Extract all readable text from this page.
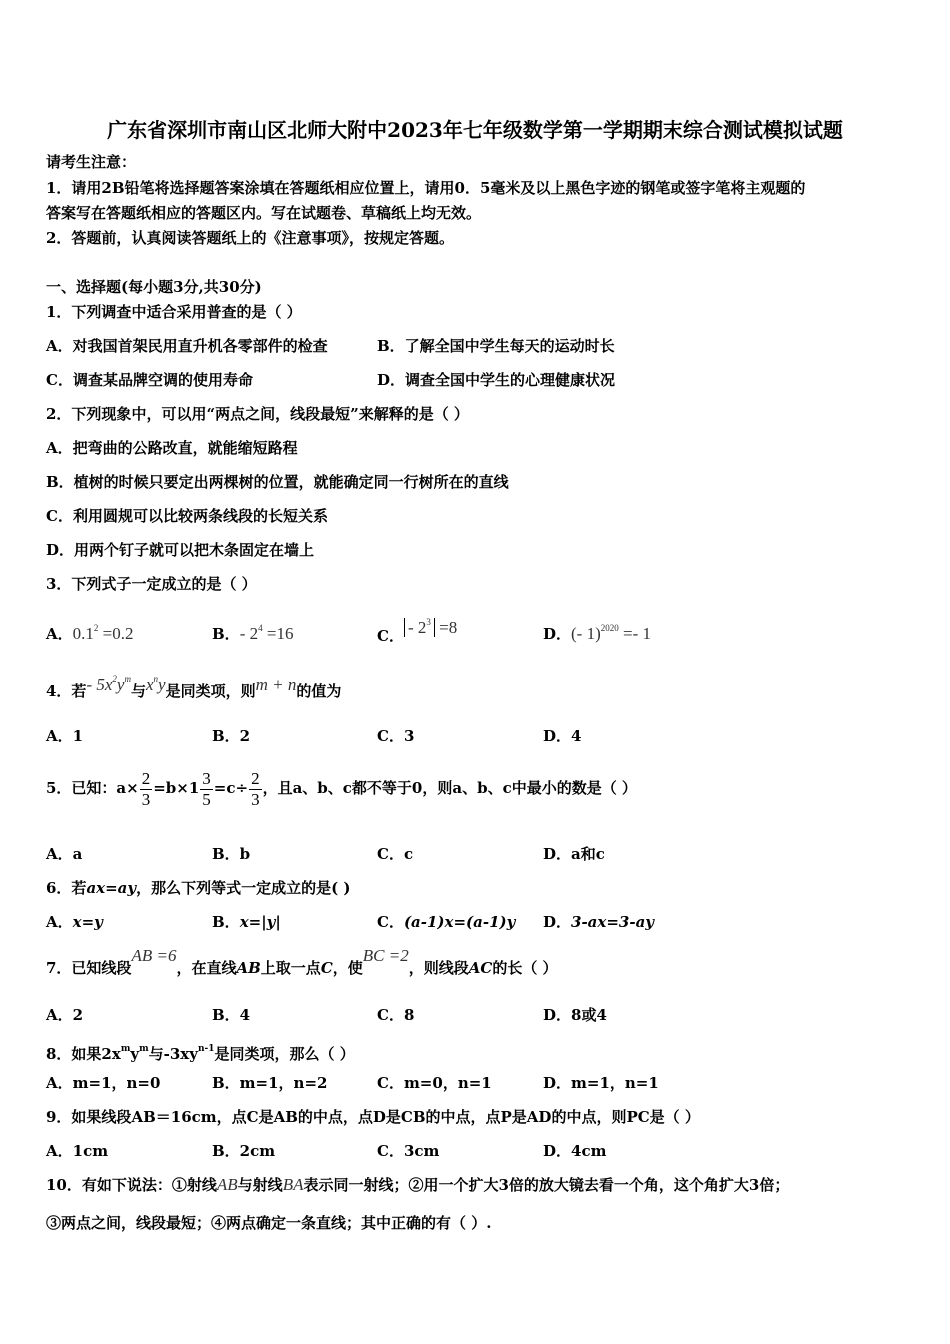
广东省深圳市南山区北师大附中2023年七年级数学第一学期期末综合测试模拟试题
请考生注意：
1．请用2B铅笔将选择题答案涂填在答题纸相应位置上，请用0．5毫米及以上黑色字迹的钢笔或签字笔将主观题的
答案写在答题纸相应的答题区内。写在试题卷、草稿纸上均无效。
2．答题前，认真阅读答题纸上的《注意事项》，按规定答题。
一、选择题(每小题3分,共30分)
1．下列调查中适合采用普查的是（ ）
A．对我国首架民用直升机各零部件的检查	B．了解全国中学生每天的运动时长
C．调查某品牌空调的使用寿命	D．调查全国中学生的心理健康状况
2．下列现象中，可以用“两点之间，线段最短”来解释的是（ ）
A．把弯曲的公路改直，就能缩短路程
B．植树的时候只要定出两棵树的位置，就能确定同一行树所在的直线
C．利用圆规可以比较两条线段的长短关系
D．用两个钉子就可以把木条固定在墙上
3．下列式子一定成立的是（ ）
A．$0.1^2 =0.2$	B．- $2^4 =16$	C． - $2^3 =8$	D．(- 1)$^{2020}$ =- 1
4．若- $5x^2y^m$与$x^ny$是同类项，则m + n的值为
A．1	B．2	C．3	D．4
5．已知：$a\times \frac{2}{3} =b\times 1 \frac{3}{5} =c\div \frac{2}{3}$ ，且a、b、c都不等于0，则a、b、c中最小的数是（ ）
A．a	B．b	C．c	D．a和c
6．若ax=ay，那么下列等式一定成立的是( )
A．x=y	B．x=|y|	C．(a-1)x=(a-1)y D．3-ax=3-ay
7．已知线段AB =6，在直线AB上取一点C，使BC =2，则线段AC的长（ ）
A．2	B．4	C．8	D．8或4
8．如果$2x^my^m$与$-3xy^{n-1}$是同类项，那么（ ）
A．m=1，n=0	B．m=1，n=2	C．m=0，n=1	D．m=1，n=1
9．如果线段AB＝16cm，点C是AB的中点，点D是CB的中点，点P是AD的中点，则PC是（ ）
A．1cm	B．2cm	C．3cm	D．4cm
10．有如下说法：①射线AB与射线BA表示同一射线；②用一个扩大3倍的放大镜去看一个角，这个角扩大3倍；
③两点之间，线段最短；④两点确定一条直线；其中正确的有（ ）.
